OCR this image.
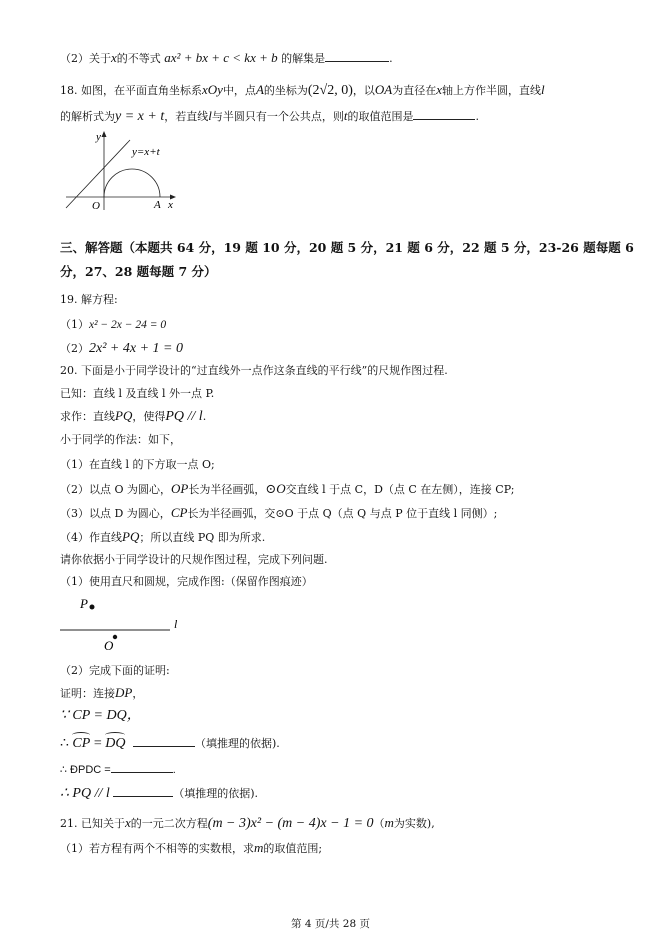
（2）关于x的不等式 ax² + bx + c < kx + b 的解集是	.
18. 如图，在平面直角坐标系xOy中，点A的坐标为(2√2, 0)，以OA为直径在x轴上方作半圆，直线l
的解析式为y = x + t，若直线l与半圆只有一个公共点，则t的取值范围是	.
y
x
O	A
y=x+t
三、解答题（本题共 64 分，19 题 10 分，20 题 5 分，21 题 6 分，22 题 5 分，23-26 题每题 6
分，27、28 题每题 7 分）
19. 解方程:
（1）x² − 2x − 24 = 0
（2）2x² + 4x + 1 = 0
20. 下面是小于同学设计的“过直线外一点作这条直线的平行线”的尺规作图过程.
已知：直线 l 及直线 l 外一点 P.
求作：直线PQ，使得PQ // l.
小于同学的作法：如下，
（1）在直线 l 的下方取一点 O;
（2）以点 O 为圆心，OP长为半径画弧，⊙O交直线 l 于点 C，D（点 C 在左侧），连接 CP;
（3）以点 D 为圆心，CP长为半径画弧，交⊙O 于点 Q（点 Q 与点 P 位于直线 l 同侧）;
（4）作直线PQ；所以直线 PQ 即为所求.
请你依据小于同学设计的尺规作图过程，完成下列问题.
（1）使用直尺和圆规，完成作图:（保留作图痕迹）
P
l
O
（2）完成下面的证明:
证明：连接DP，
∵ CP = DQ，
∴ CP =
DQ	（填推理的依据).
∴ ÐPDC =	.
∴ PQ // l	（填推理的依据).
21. 已知关于x的一元二次方程(m − 3)x² − (m − 4)x − 1 = 0（m为实数),
（1）若方程有两个不相等的实数根，求m的取值范围;
第 4 页/共 28 页
